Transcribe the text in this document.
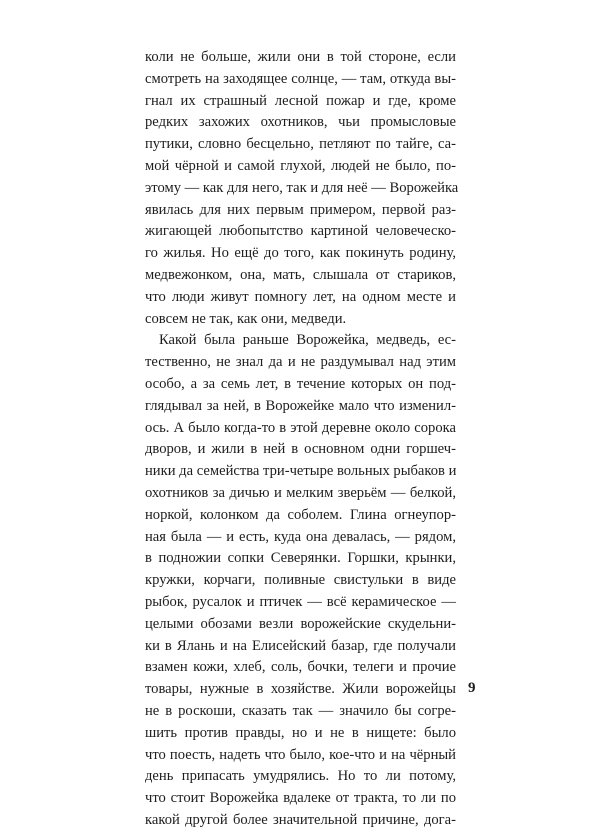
коли не больше, жили они в той стороне, если
смотреть на заходящее солнце, — там, откуда вы-
гнал их страшный лесной пожар и где, кроме
редких захожих охотников, чьи промысловые
путики, словно бесцельно, петляют по тайге, са-
мой чёрной и самой глухой, людей не было, по-
этому — как для него, так и для неё — Ворожейка
явилась для них первым примером, первой раз-
жигающей любопытство картиной человеческо-
го жилья. Но ещё до того, как покинуть родину,
медвежонком, она, мать, слышала от стариков,
что люди живут помногу лет, на одном месте и
совсем не так, как они, медведи.
Какой была раньше Ворожейка, медведь, ес-
тественно, не знал да и не раздумывал над этим
особо, а за семь лет, в течение которых он под-
глядывал за ней, в Ворожейке мало что изменил-
ось. А было когда-то в этой деревне около сорока
дворов, и жили в ней в основном одни горшеч-
ники да семейства три-четыре вольных рыбаков и
охотников за дичью и мелким зверьём — белкой,
норкой, колонком да соболем. Глина огнеупор-
ная была — и есть, куда она девалась, — рядом,
в подножии сопки Северянки. Горшки, крынки,
кружки, корчаги, поливные свистульки в виде
рыбок, русалок и птичек — всё керамическое —
целыми обозами везли ворожейские скудельни-
ки в Ялань и на Елисейский базар, где получали
взамен кожи, хлеб, соль, бочки, телеги и прочие
товары, нужные в хозяйстве. Жили ворожейцы
не в роскоши, сказать так — значило бы согре-
шить против правды, но и не в нищете: было
что поесть, надеть что было, кое-что и на чёрный
день припасать умудрялись. Но то ли потому,
что стоит Ворожейка вдалеке от тракта, то ли по
какой другой более значительной причине, дога-
9
